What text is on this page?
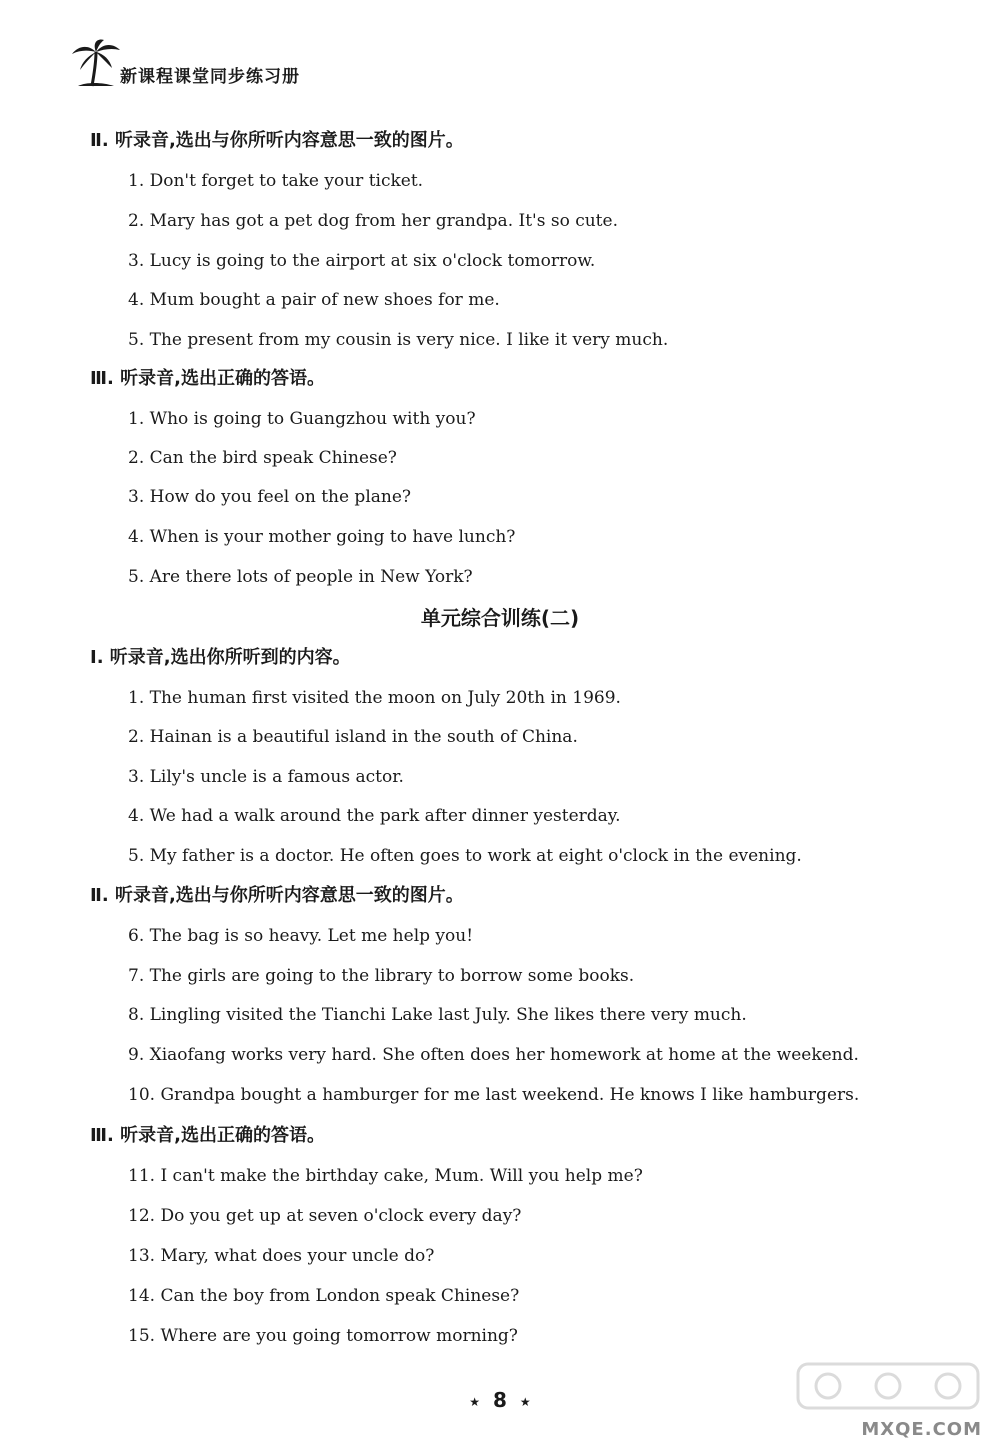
新课程课堂同步练习册
Ⅱ. 听录音,选出与你所听内容意思一致的图片。
1. Don't forget to take your ticket.
2. Mary has got a pet dog from her grandpa. It's so cute.
3. Lucy is going to the airport at six o'clock tomorrow.
4. Mum bought a pair of new shoes for me.
5. The present from my cousin is very nice. I like it very much.
Ⅲ. 听录音,选出正确的答语。
1. Who is going to Guangzhou with you?
2. Can the bird speak Chinese?
3. How do you feel on the plane?
4. When is your mother going to have lunch?
5. Are there lots of people in New York?
单元综合训练(二)
Ⅰ. 听录音,选出你所听到的内容。
1. The human first visited the moon on July 20th in 1969.
2. Hainan is a beautiful island in the south of China.
3. Lily's uncle is a famous actor.
4. We had a walk around the park after dinner yesterday.
5. My father is a doctor. He often goes to work at eight o'clock in the evening.
Ⅱ. 听录音,选出与你所听内容意思一致的图片。
6. The bag is so heavy. Let me help you!
7. The girls are going to the library to borrow some books.
8. Lingling visited the Tianchi Lake last July. She likes there very much.
9. Xiaofang works very hard. She often does her homework at home at the weekend.
10. Grandpa bought a hamburger for me last weekend. He knows I like hamburgers.
Ⅲ. 听录音,选出正确的答语。
11. I can't make the birthday cake, Mum. Will you help me?
12. Do you get up at seven o'clock every day?
13. Mary, what does your uncle do?
14. Can the boy from London speak Chinese?
15. Where are you going tomorrow morning?
★ 8 ★
MXQE.COM
